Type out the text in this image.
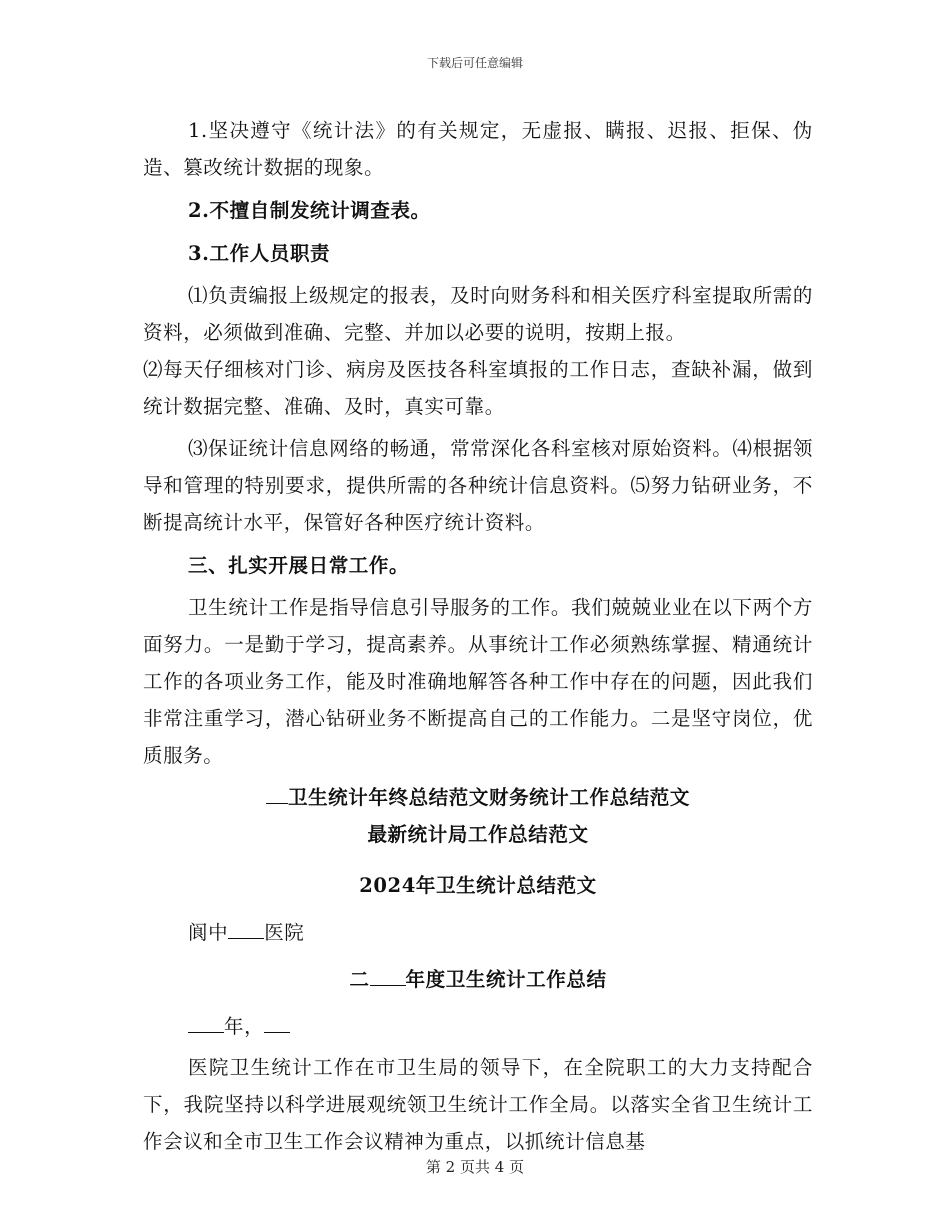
下载后可任意编辑

1.坚决遵守《统计法》的有关规定，无虚报、瞒报、迟报、拒保、伪造、篡改统计数据的现象。

2.不擅自制发统计调查表。

3.工作人员职责

⑴负责编报上级规定的报表，及时向财务科和相关医疗科室提取所需的资料，必须做到准确、完整、并加以必要的说明，按期上报。

⑵每天仔细核对门诊、病房及医技各科室填报的工作日志，查缺补漏，做到统计数据完整、准确、及时，真实可靠。

⑶保证统计信息网络的畅通，常常深化各科室核对原始资料。⑷根据领导和管理的特别要求，提供所需的各种统计信息资料。⑸努力钻研业务，不断提高统计水平，保管好各种医疗统计资料。

三、扎实开展日常工作。

卫生统计工作是指导信息引导服务的工作。我们兢兢业业在以下两个方面努力。一是勤于学习，提高素养。从事统计工作必须熟练掌握、精通统计工作的各项业务工作，能及时准确地解答各种工作中存在的问题，因此我们非常注重学习，潜心钻研业务不断提高自己的工作能力。二是坚守岗位，优质服务。

卫生统计年终总结范文财务统计工作总结范文

最新统计局工作总结范文

2024年卫生统计总结范文

阆中 医院

二 年度卫生统计工作总结

年，

医院卫生统计工作在市卫生局的领导下，在全院职工的大力支持配合下，我院坚持以科学进展观统领卫生统计工作全局。以落实全省卫生统计工作会议和全市卫生工作会议精神为重点，以抓统计信息基

第 2 页共 4 页
